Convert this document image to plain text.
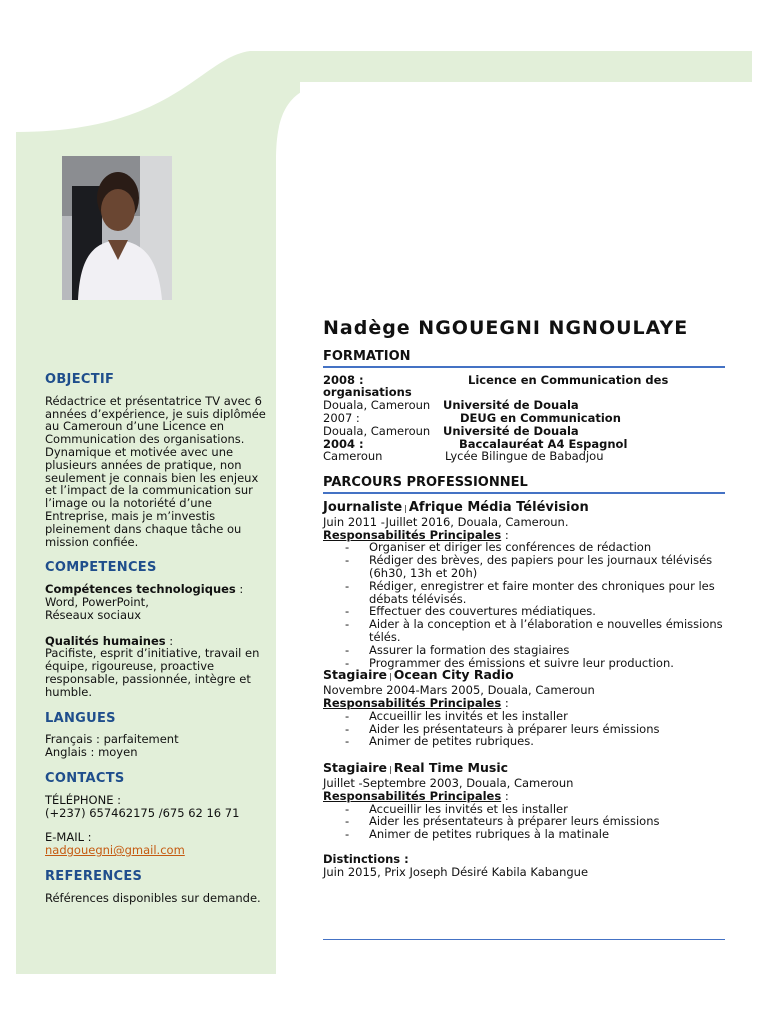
OBJECTIF

Rédactrice et présentatrice TV avec 6 années d’expérience, je suis diplômée au Cameroun d’une Licence en Communication des organisations. Dynamique et motivée avec une plusieurs années de pratique, non seulement je connais bien les enjeux et l’impact de la communication sur l’image ou la notoriété d’une Entreprise, mais je m’investis pleinement dans chaque tâche ou mission confiée.

COMPETENCES

Compétences technologiques :

Word, PowerPoint,

Réseaux sociaux

Qualités humaines :

Pacifiste, esprit d’initiative, travail en équipe, rigoureuse, proactive responsable, passionnée, intègre et humble.

LANGUES

Français : parfaitement

Anglais : moyen

CONTACTS

TÉLÉPHONE :

(+237) 657462175 /675 62 16 71

E-MAIL :

nadgouegni@gmail.com

REFERENCES

Références disponibles sur demande.

Nadège NGOUEGNI NGNOULAYE
FORMATION
2008 :	Licence en Communication des
organisations
Douala, Cameroun	Université de Douala
2007 :	DEUG en Communication
Douala, Cameroun	Université de Douala
2004 :	Baccalauréat A4 Espagnol
Cameroun	Lycée Bilingue de Babadjou
PARCOURS PROFESSIONNEL
Journaliste | Afrique Média Télévision
Juin 2011 -Juillet 2016, Douala, Cameroun.
Responsabilités Principales :
- Organiser et diriger les conférences de rédaction
- Rédiger des brèves, des papiers pour les journaux télévisés (6h30, 13h et 20h)
- Rédiger, enregistrer et faire monter des chroniques pour les débats télévisés.
- Effectuer des couvertures médiatiques.
- Aider à la conception et à l’élaboration e nouvelles émissions télés.
- Assurer la formation des stagiaires
- Programmer des émissions et suivre leur production.
Stagiaire | Ocean City Radio
Novembre 2004-Mars 2005, Douala, Cameroun
Responsabilités Principales :
- Accueillir les invités et les installer
- Aider les présentateurs à préparer leurs émissions
- Animer de petites rubriques.
Stagiaire | Real Time Music
Juillet -Septembre 2003, Douala, Cameroun
Responsabilités Principales :
- Accueillir les invités et les installer
- Aider les présentateurs à préparer leurs émissions
- Animer de petites rubriques à la matinale
Distinctions :
Juin 2015, Prix Joseph Désiré Kabila Kabangue
